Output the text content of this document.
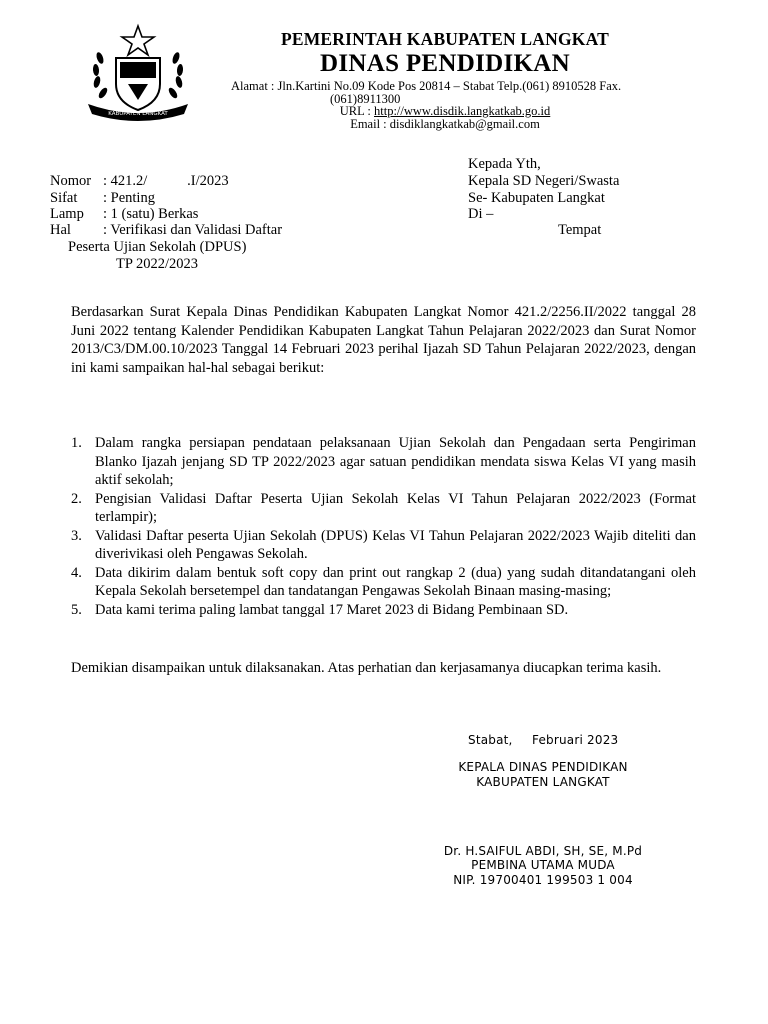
KABUPATEN LANGKAT
PEMERINTAH KABUPATEN LANGKAT
DINAS PENDIDIKAN
Alamat : Jln.Kartini No.09 Kode Pos 20814 – Stabat Telp.(061) 8910528 Fax.
(061)8911300
URL : http://www.disdik.langkatkab.go.id
Email : disdiklangkatkab@gmail.com
Kepada Yth,
Kepala SD Negeri/Swasta
Se- Kabupaten Langkat
Di –
Tempat
Nomor : 421.2/           .I/2023
Sifat : Penting
Lamp : 1 (satu) Berkas
Hal : Verifikasi dan Validasi Daftar
Peserta Ujian Sekolah (DPUS)
TP 2022/2023
Berdasarkan Surat Kepala Dinas Pendidikan Kabupaten Langkat Nomor 421.2/2256.II/2022 tanggal 28 Juni 2022 tentang Kalender Pendidikan Kabupaten Langkat Tahun Pelajaran 2022/2023 dan Surat Nomor 2013/C3/DM.00.10/2023 Tanggal 14 Februari 2023 perihal Ijazah SD Tahun Pelajaran 2022/2023, dengan ini kami sampaikan hal-hal sebagai berikut:
1. Dalam rangka persiapan pendataan pelaksanaan Ujian Sekolah dan Pengadaan serta Pengiriman Blanko Ijazah jenjang SD TP 2022/2023 agar satuan pendidikan mendata siswa Kelas VI yang masih aktif sekolah;
2. Pengisian Validasi Daftar Peserta Ujian Sekolah Kelas VI Tahun Pelajaran 2022/2023 (Format terlampir);
3. Validasi Daftar peserta Ujian Sekolah (DPUS) Kelas VI Tahun Pelajaran 2022/2023 Wajib diteliti dan diverivikasi oleh Pengawas Sekolah.
4. Data dikirim dalam bentuk soft copy dan print out rangkap 2 (dua) yang sudah ditandatangani oleh Kepala Sekolah bersetempel dan tandatangan Pengawas Sekolah Binaan masing-masing;
5. Data kami terima paling lambat tanggal 17 Maret 2023 di Bidang Pembinaan SD.
Demikian disampaikan untuk dilaksanakan. Atas perhatian dan kerjasamanya diucapkan terima kasih.
Stabat, Februari 2023
KEPALA DINAS PENDIDIKAN
KABUPATEN LANGKAT
Dr. H.SAIFUL ABDI, SH, SE, M.Pd
PEMBINA UTAMA MUDA
NIP. 19700401 199503 1 004
